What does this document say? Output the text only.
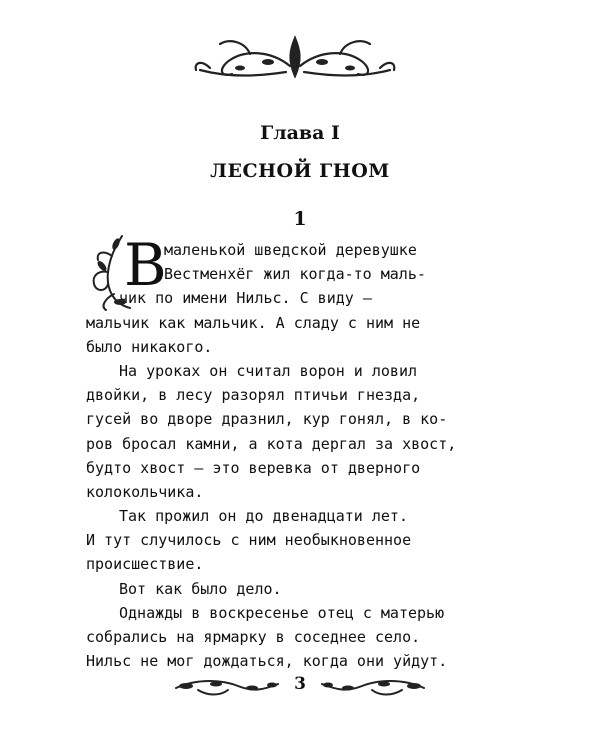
Глава I
ЛЕСНОЙ ГНОМ
1
В
маленькой шведской деревушке
Вестменхёг жил когда-то маль-
чик по имени Нильс. С виду —
мальчик как мальчик. А сладу с ним не
было никакого.
На уроках он считал ворон и ловил
двойки, в лесу разорял птичьи гнезда,
гусей во дворе дразнил, кур гонял, в ко-
ров бросал камни, а кота дергал за хвост,
будто хвост — это веревка от дверного
колокольчика.
Так прожил он до двенадцати лет.
И тут случилось с ним необыкновенное
происшествие.
Вот как было дело.
Однажды в воскресенье отец с матерью
собрались на ярмарку в соседнее село.
Нильс не мог дождаться, когда они уйдут.
3
